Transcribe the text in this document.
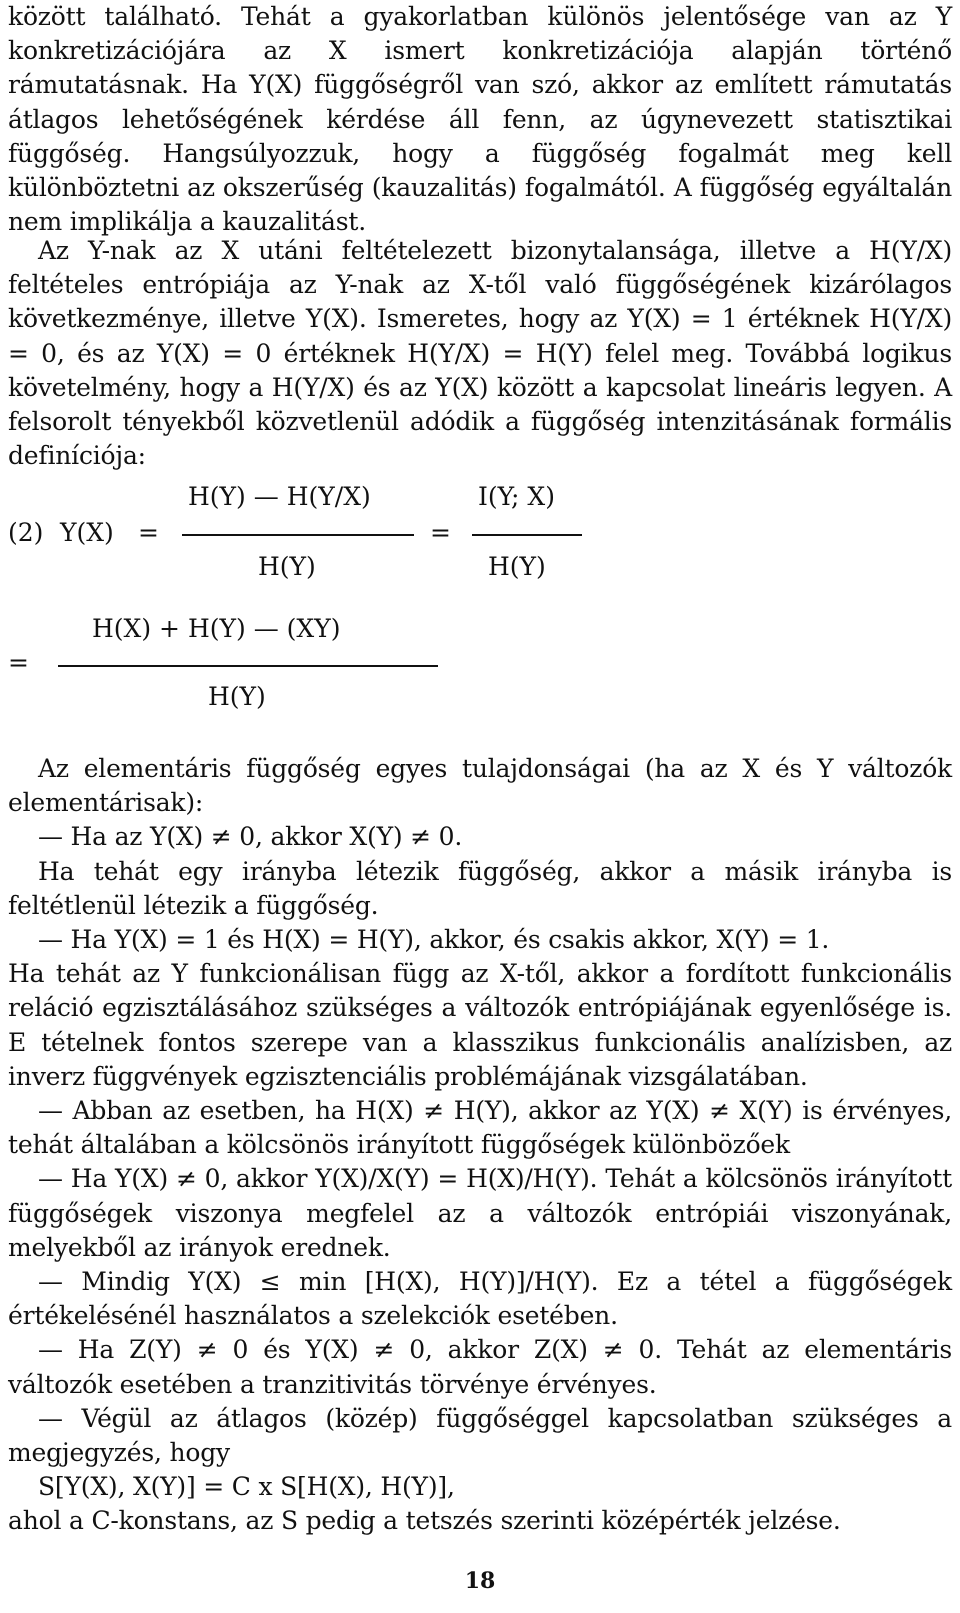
között található. Tehát a gyakorlatban különös jelentősége van az Y konkretizációjára az X ismert konkretizációja alapján történő rámutatásnak. Ha Y(X) függőségről van szó, akkor az említett rámutatás átlagos lehetőségének kérdése áll fenn, az úgynevezett statisztikai függőség. Hangsúlyozzuk, hogy a függőség fogalmát meg kell különböztetni az okszerűség (kauzalitás) fogalmától. A függőség egyáltalán nem implikálja a kauzalitást.

Az Y-nak az X utáni feltételezett bizonytalansága, illetve a H(Y/X) feltételes entrópiája az Y-nak az X-től való függőségének kizárólagos következménye, illetve Y(X). Ismeretes, hogy az Y(X) = 1 értéknek H(Y/X) = 0, és az Y(X) = 0 értéknek H(Y/X) = H(Y) felel meg. Továbbá logikus követelmény, hogy a H(Y/X) és az Y(X) között a kapcsolat lineáris legyen. A felsorolt tényekből közvetlenül adódik a függőség intenzitásának formális definíciója:

(2) Y(X) =
H(Y) — H(Y/X)
H(Y)
=
I(Y; X)
H(Y)
=
H(X) + H(Y) — (XY)
H(Y)

Az elementáris függőség egyes tulajdonságai (ha az X és Y változók elementárisak):

— Ha az Y(X) ≠ 0, akkor X(Y) ≠ 0.

Ha tehát egy irányba létezik függőség, akkor a másik irányba is feltétlenül létezik a függőség.

— Ha Y(X) = 1 és H(X) = H(Y), akkor, és csakis akkor, X(Y) = 1.

Ha tehát az Y funkcionálisan függ az X-től, akkor a fordított funkcionális reláció egzisztálásához szükséges a változók entrópiájának egyenlősége is. E tételnek fontos szerepe van a klasszikus funkcionális analízisben, az inverz függvények egzisztenciális problémájának vizsgálatában.

— Abban az esetben, ha H(X) ≠ H(Y), akkor az Y(X) ≠ X(Y) is érvényes, tehát általában a kölcsönös irányított függőségek különbözőek

— Ha Y(X) ≠ 0, akkor Y(X)/X(Y) = H(X)/H(Y). Tehát a kölcsönös irányított függőségek viszonya megfelel az a változók entrópiái viszonyának, melyekből az irányok erednek.

— Mindig Y(X) ≤ min [H(X), H(Y)]/H(Y). Ez a tétel a függőségek értékelésénél használatos a szelekciók esetében.

— Ha Z(Y) ≠ 0 és Y(X) ≠ 0, akkor Z(X) ≠ 0. Tehát az elementáris változók esetében a tranzitivitás törvénye érvényes.

— Végül az átlagos (közép) függőséggel kapcsolatban szükséges a megjegyzés, hogy

S[Y(X), X(Y)] = C x S[H(X), H(Y)],

ahol a C-konstans, az S pedig a tetszés szerinti középérték jelzése.

18
